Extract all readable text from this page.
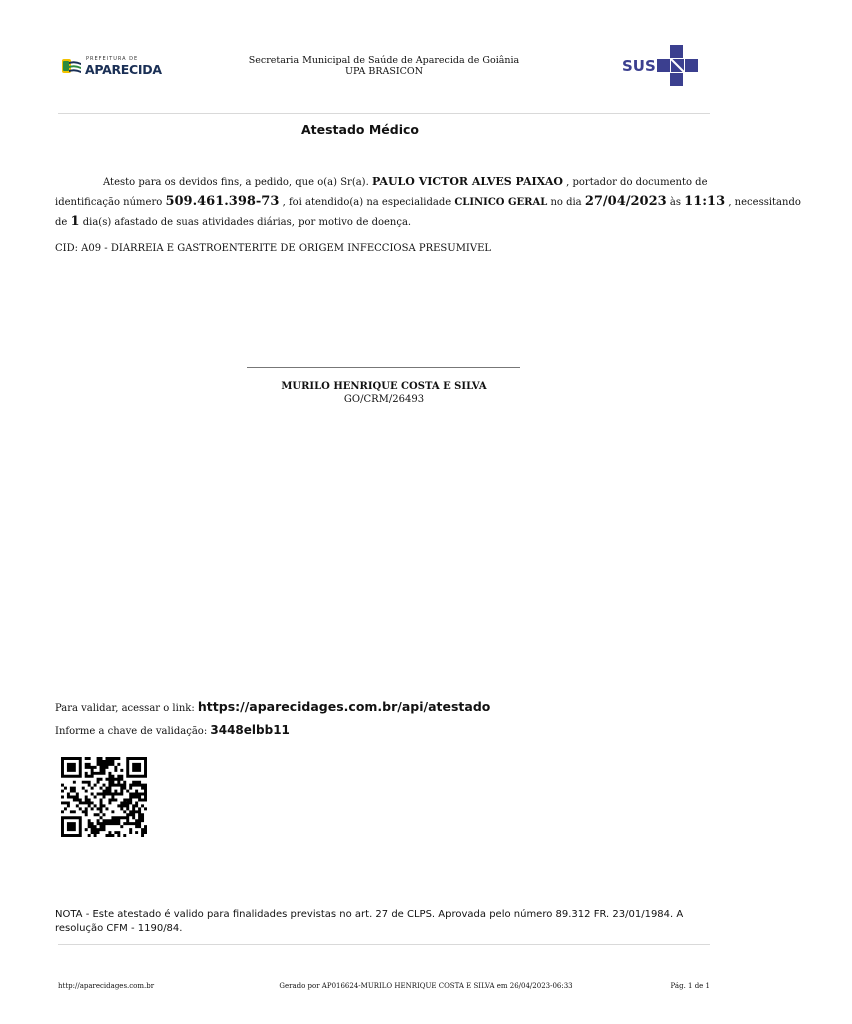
PREFEITURA DE
APARECIDA
Secretaria Municipal de Saúde de Aparecida de Goiânia
UPA BRASICON	SUS
Atestado Médico
Atesto para os devidos fins, a pedido, que o(a) Sr(a). PAULO VICTOR ALVES PAIXAO , portador do documento de
identificação número 509.461.398-73 , foi atendido(a) na especialidade CLINICO GERAL no dia 27/04/2023 às 11:13 , necessitando
de 1 dia(s) afastado de suas atividades diárias, por motivo de doença.
CID: A09 - DIARREIA E GASTROENTERITE DE ORIGEM INFECCIOSA PRESUMIVEL
MURILO HENRIQUE COSTA E SILVA
GO/CRM/26493
Para validar, acessar o link: https://aparecidages.com.br/api/atestado
Informe a chave de validação: 3448elbb11
NOTA - Este atestado é valido para finalidades previstas no art. 27 de CLPS. Aprovada pelo número 89.312 FR. 23/01/1984. A resolução CFM - 1190/84.
http://aparecidages.com.br	Gerado por AP016624-MURILO HENRIQUE COSTA E SILVA em 26/04/2023-06:33	Pág. 1 de 1
